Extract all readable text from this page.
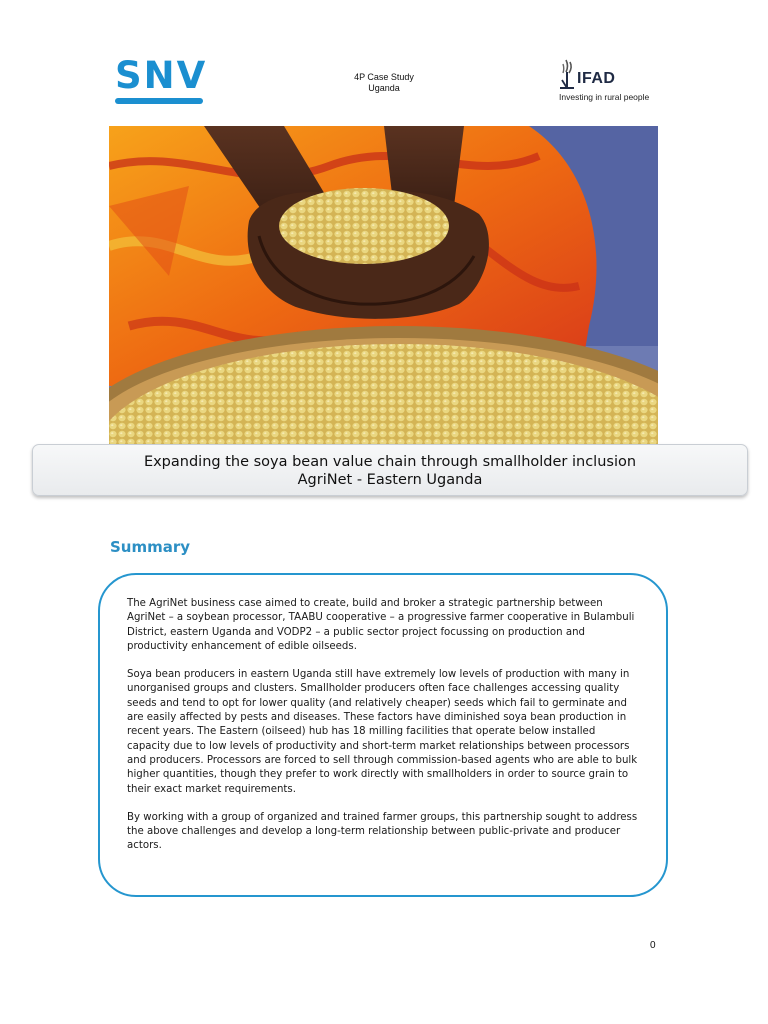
SNV	4P Case Study
Uganda
IFAD
Investing in rural people
Expanding the soya bean value chain through smallholder inclusion
AgriNet - Eastern Uganda
Summary

The AgriNet business case aimed to create, build and broker a strategic partnership between AgriNet – a soybean processor, TAABU cooperative – a progressive farmer cooperative in Bulambuli District, eastern Uganda and VODP2 – a public sector project focussing on production and productivity enhancement of edible oilseeds.

Soya bean producers in eastern Uganda still have extremely low levels of production with many in unorganised groups and clusters. Smallholder producers often face challenges accessing quality seeds and tend to opt for lower quality (and relatively cheaper) seeds which fail to germinate and are easily affected by pests and diseases. These factors have diminished soya bean production in recent years. The Eastern (oilseed) hub has 18 milling facilities that operate below installed capacity due to low levels of productivity and short-term market relationships between processors and producers. Processors are forced to sell through commission-based agents who are able to bulk higher quantities, though they prefer to work directly with smallholders in order to source grain to their exact market requirements.

By working with a group of organized and trained farmer groups, this partnership sought to address the above challenges and develop a long-term relationship between public-private and producer actors.

0
